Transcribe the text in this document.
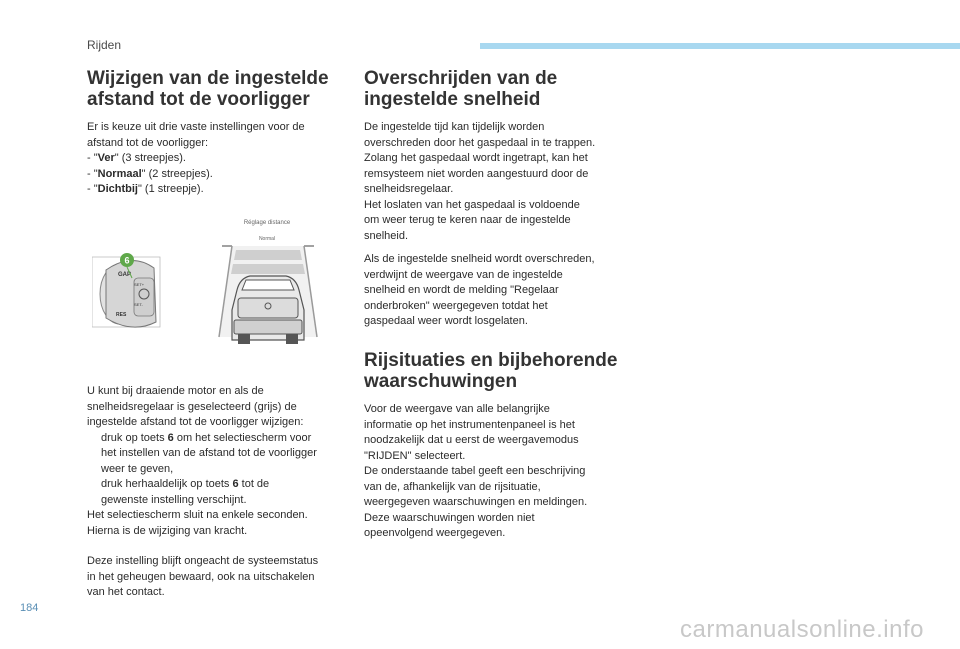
Rijden
Wijzigen van de ingestelde
afstand tot de voorligger

Er is keuze uit drie vaste instellingen voor de

afstand tot de voorligger:

- "Ver" (3 streepjes).

- "Normaal" (2 streepjes).

- "Dichtbij" (1 streepje).

GAP
SET+
SET-
RES
6
Réglage distance
Normal

U kunt bij draaiende motor en als de

snelheidsregelaar is geselecteerd (grijs) de

ingestelde afstand tot de voorligger wijzigen:

druk op toets 6 om het selectiescherm voor
het instellen van de afstand tot de voorligger
weer te geven,
druk herhaaldelijk op toets 6 tot de
gewenste instelling verschijnt.

Het selectiescherm sluit na enkele seconden.

Hierna is de wijziging van kracht.

Deze instelling blijft ongeacht de systeemstatus

in het geheugen bewaard, ook na uitschakelen

van het contact.

Overschrijden van de
ingestelde snelheid

De ingestelde tijd kan tijdelijk worden

overschreden door het gaspedaal in te trappen.

Zolang het gaspedaal wordt ingetrapt, kan het

remsysteem niet worden aangestuurd door de

snelheidsregelaar.

Het loslaten van het gaspedaal is voldoende

om weer terug te keren naar de ingestelde

snelheid.

Als de ingestelde snelheid wordt overschreden,

verdwijnt de weergave van de ingestelde

snelheid en wordt de melding "Regelaar

onderbroken" weergegeven totdat het

gaspedaal weer wordt losgelaten.

Rijsituaties en bijbehorende
waarschuwingen

Voor de weergave van alle belangrijke

informatie op het instrumentenpaneel is het

noodzakelijk dat u eerst de weergavemodus

"RIJDEN" selecteert.

De onderstaande tabel geeft een beschrijving

van de, afhankelijk van de rijsituatie,

weergegeven waarschuwingen en meldingen.

Deze waarschuwingen worden niet

opeenvolgend weergegeven.

184
carmanualsonline.info
